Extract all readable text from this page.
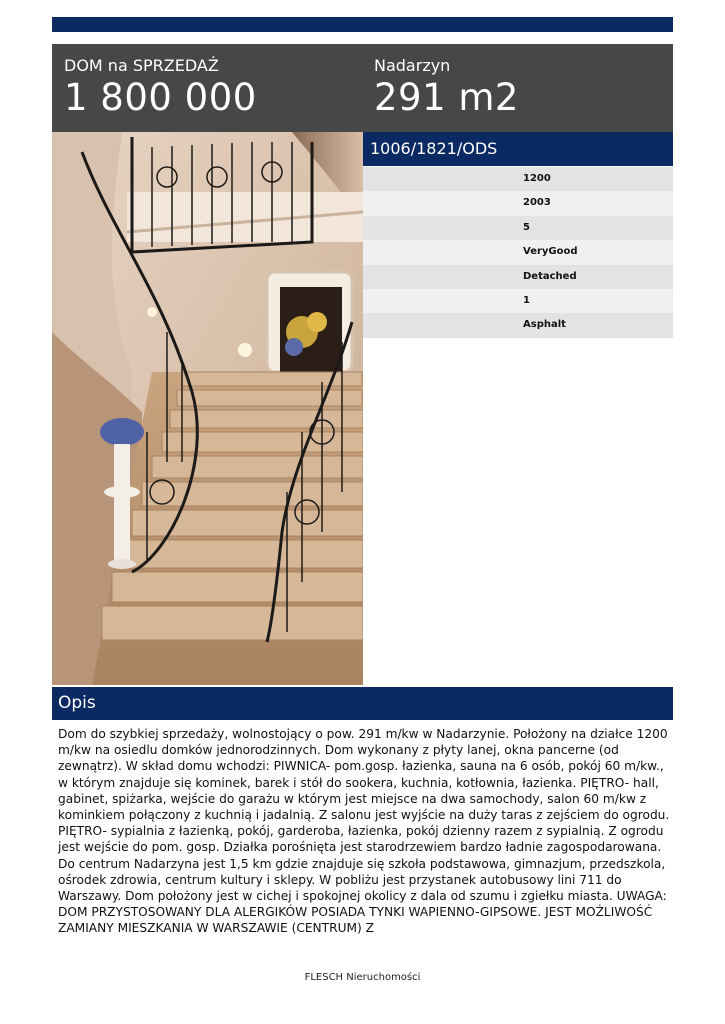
DOM na SPRZEDAŻ
1 800 000
Nadarzyn
291 m2
1006/1821/ODS
1200
2003
5
VeryGood
Detached
1
Asphalt
Opis

Dom do szybkiej sprzedaży, wolnostojący o pow. 291 m/kw w Nadarzynie. Położony na działce 1200 m/kw na osiedlu domków jednorodzinnych. Dom wykonany z płyty lanej, okna pancerne (od zewnątrz). W skład domu wchodzi: PIWNICA- pom.gosp. łazienka, sauna na 6 osób, pokój 60 m/kw., w którym znajduje się kominek, barek i stół do sookera, kuchnia, kotłownia, łazienka. PIĘTRO- hall, gabinet, spiżarka, wejście do garażu w którym jest miejsce na dwa samochody, salon 60 m/kw z kominkiem połączony z kuchnią i jadalnią. Z salonu jest wyjście na duży taras z zejściem do ogrodu. PIĘTRO- sypialnia z łazienką, pokój, garderoba, łazienka, pokój dzienny razem z sypialnią. Z ogrodu jest wejście do pom. gosp. Działka porośnięta jest starodrzewiem bardzo ładnie zagospodarowana. Do centrum Nadarzyna jest 1,5 km gdzie znajduje się szkoła podstawowa, gimnazjum, przedszkola, ośrodek zdrowia, centrum kultury i sklepy. W pobliżu jest przystanek autobusowy lini 711 do Warszawy. Dom położony jest w cichej i spokojnej okolicy z dala od szumu i zgiełku miasta. UWAGA: DOM PRZYSTOSOWANY DLA ALERGIKÓW POSIADA TYNKI WAPIENNO-GIPSOWE. JEST MOŻLIWOŚĆ ZAMIANY MIESZKANIA W WARSZAWIE (CENTRUM) Z

FLESCH Nieruchomości
